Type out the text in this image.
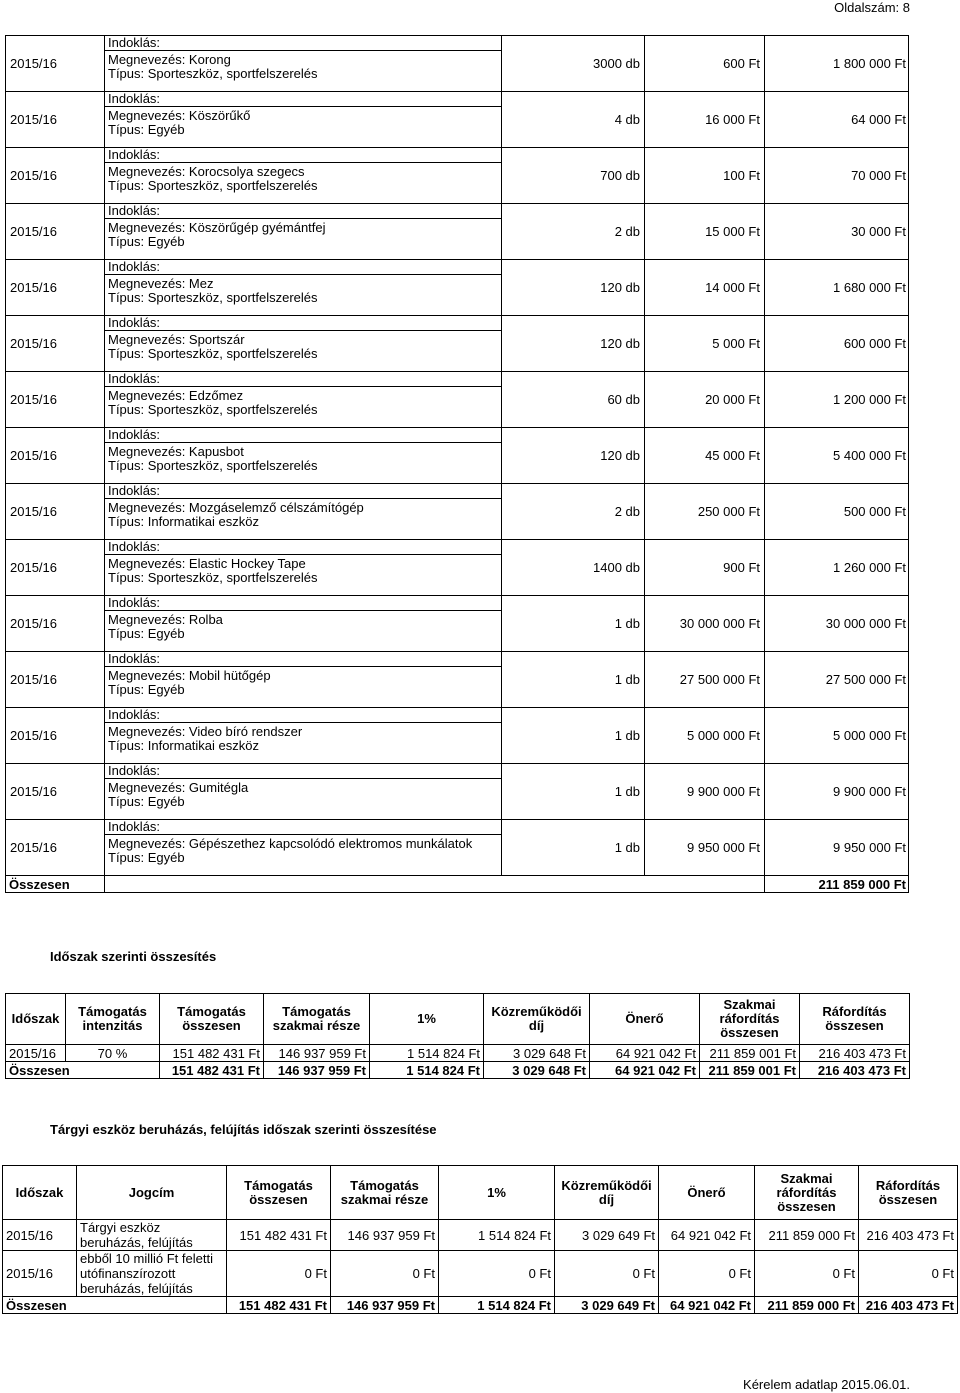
Oldalszám: 8
2015/16	Indoklás:
Megnevezés: Korong
Típus: Sporteszköz, sportfelszerelés	3000 db	600 Ft	1 800 000 Ft
2015/16	Indoklás:
Megnevezés: Köszörűkő
Típus: Egyéb	4 db	16 000 Ft	64 000 Ft
2015/16	Indoklás:
Megnevezés: Korocsolya szegecs
Típus: Sporteszköz, sportfelszerelés	700 db	100 Ft	70 000 Ft
2015/16	Indoklás:
Megnevezés: Köszörűgép gyémántfej
Típus: Egyéb	2 db	15 000 Ft	30 000 Ft
2015/16	Indoklás:
Megnevezés: Mez
Típus: Sporteszköz, sportfelszerelés	120 db	14 000 Ft	1 680 000 Ft
2015/16	Indoklás:
Megnevezés: Sportszár
Típus: Sporteszköz, sportfelszerelés	120 db	5 000 Ft	600 000 Ft
2015/16	Indoklás:
Megnevezés: Edzőmez
Típus: Sporteszköz, sportfelszerelés	60 db	20 000 Ft	1 200 000 Ft
2015/16	Indoklás:
Megnevezés: Kapusbot
Típus: Sporteszköz, sportfelszerelés	120 db	45 000 Ft	5 400 000 Ft
2015/16	Indoklás:
Megnevezés: Mozgáselemző célszámítógép
Típus: Informatikai eszköz	2 db	250 000 Ft	500 000 Ft
2015/16	Indoklás:
Megnevezés: Elastic Hockey Tape
Típus: Sporteszköz, sportfelszerelés	1400 db	900 Ft	1 260 000 Ft
2015/16	Indoklás:
Megnevezés: Rolba
Típus: Egyéb	1 db	30 000 000 Ft	30 000 000 Ft
2015/16	Indoklás:
Megnevezés: Mobil hütőgép
Típus: Egyéb	1 db	27 500 000 Ft	27 500 000 Ft
2015/16	Indoklás:
Megnevezés: Video bíró rendszer
Típus: Informatikai eszköz	1 db	5 000 000 Ft	5 000 000 Ft
2015/16	Indoklás:
Megnevezés: Gumitégla
Típus: Egyéb	1 db	9 900 000 Ft	9 900 000 Ft
2015/16	Indoklás:
Megnevezés: Gépészethez kapcsolódó elektromos munkálatok
Típus: Egyéb	1 db	9 950 000 Ft	9 950 000 Ft
Összesen				211 859 000 Ft
Időszak szerinti összesítés
Időszak	Támogatás intenzitás	Támogatás összesen	Támogatás szakmai része	1%	Közreműködői díj	Önerő	Szakmai ráfordítás összesen	Ráfordítás összesen
2015/16	70 %	151 482 431 Ft	146 937 959 Ft	1 514 824 Ft	3 029 648 Ft	64 921 042 Ft	211 859 001 Ft	216 403 473 Ft
Összesen		151 482 431 Ft	146 937 959 Ft	1 514 824 Ft	3 029 648 Ft	64 921 042 Ft	211 859 001 Ft	216 403 473 Ft
Tárgyi eszköz beruházás, felújítás időszak szerinti összesítése
Időszak	Jogcím	Támogatás összesen	Támogatás szakmai része	1%	Közreműködői díj	Önerő	Szakmai ráfordítás összesen	Ráfordítás összesen
2015/16	Tárgyi eszköz beruházás, felújítás	151 482 431 Ft	146 937 959 Ft	1 514 824 Ft	3 029 649 Ft	64 921 042 Ft	211 859 000 Ft	216 403 473 Ft
2015/16	ebből 10 millió Ft feletti utófinanszírozott beruházás, felújítás	0 Ft	0 Ft	0 Ft	0 Ft	0 Ft	0 Ft	0 Ft
Összesen		151 482 431 Ft	146 937 959 Ft	1 514 824 Ft	3 029 649 Ft	64 921 042 Ft	211 859 000 Ft	216 403 473 Ft
Kérelem adatlap 2015.06.01.
